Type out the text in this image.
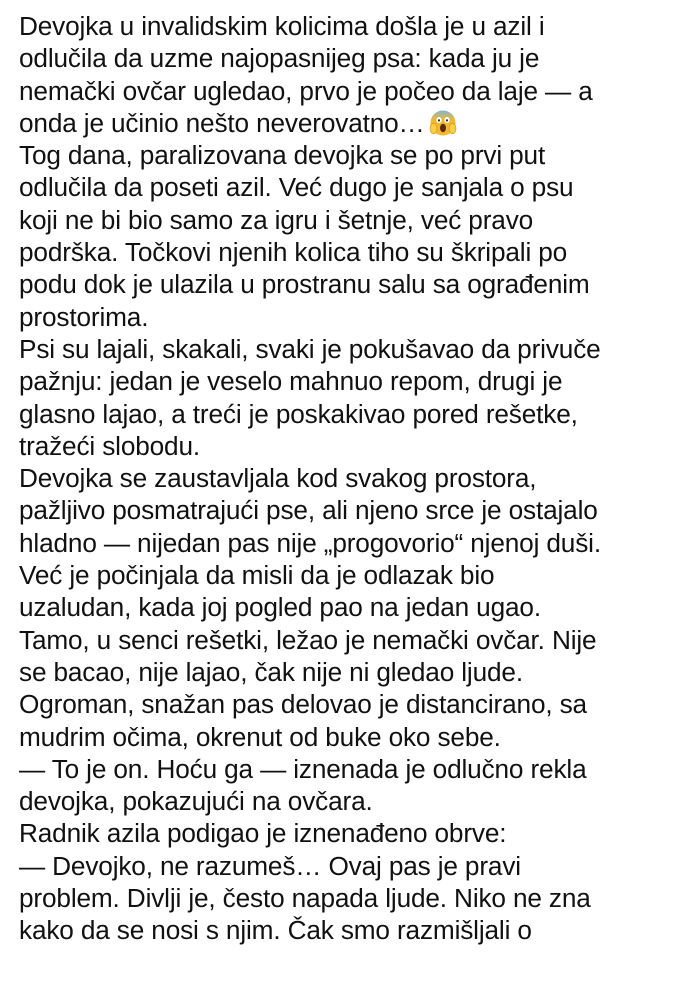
Devojka u invalidskim kolicima došla je u azil i
odlučila da uzme najopasnijeg psa: kada ju je
nemački ovčar ugledao, prvo je počeo da laje — a
onda je učinio nešto neverovatno…
Tog dana, paralizovana devojka se po prvi put
odlučila da poseti azil. Već dugo je sanjala o psu
koji ne bi bio samo za igru i šetnje, već pravo
podrška. Točkovi njenih kolica tiho su škripali po
podu dok je ulazila u prostranu salu sa ograđenim
prostorima.
Psi su lajali, skakali, svaki je pokušavao da privuče
pažnju: jedan je veselo mahnuo repom, drugi je
glasno lajao, a treći je poskakivao pored rešetke,
tražeći slobodu.
Devojka se zaustavljala kod svakog prostora,
pažljivo posmatrajući pse, ali njeno srce je ostajalo
hladno — nijedan pas nije „progovorio“ njenoj duši.
Već je počinjala da misli da je odlazak bio
uzaludan, kada joj pogled pao na jedan ugao.
Tamo, u senci rešetki, ležao je nemački ovčar. Nije
se bacao, nije lajao, čak nije ni gledao ljude.
Ogroman, snažan pas delovao je distancirano, sa
mudrim očima, okrenut od buke oko sebe.
— To je on. Hoću ga — iznenada je odlučno rekla
devojka, pokazujući na ovčara.
Radnik azila podigao je iznenađeno obrve:
— Devojko, ne razumeš… Ovaj pas je pravi
problem. Divlji je, često napada ljude. Niko ne zna
kako da se nosi s njim. Čak smo razmišljali o
